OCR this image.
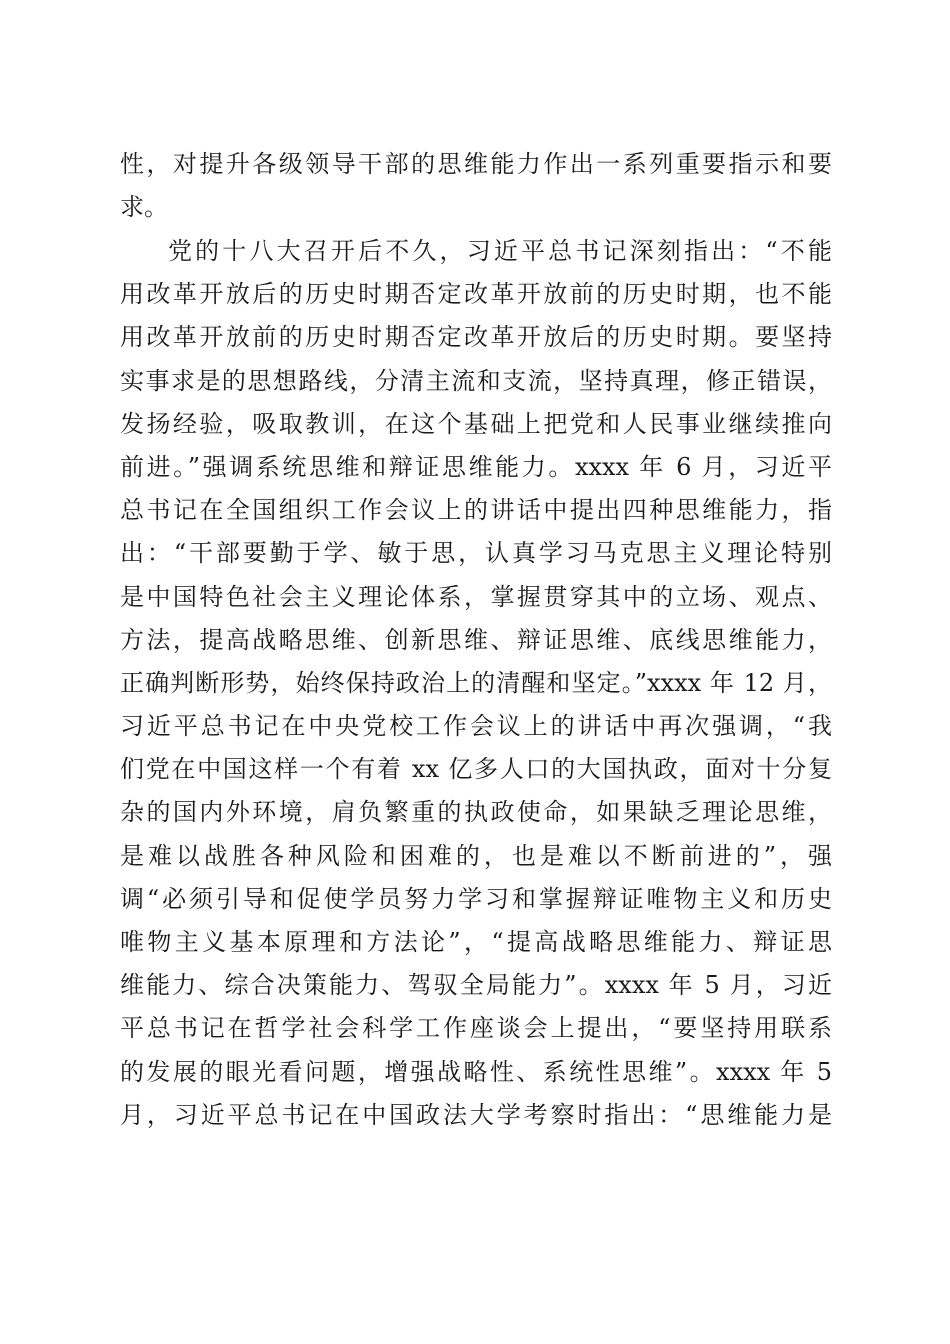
性，对提升各级领导干部的思维能力作出一系列重要指示和要
求。
党的十八大召开后不久，习近平总书记深刻指出：“不能
用改革开放后的历史时期否定改革开放前的历史时期，也不能
用改革开放前的历史时期否定改革开放后的历史时期。要坚持
实事求是的思想路线，分清主流和支流，坚持真理，修正错误，
发扬经验，吸取教训，在这个基础上把党和人民事业继续推向
前进。”强调系统思维和辩证思维能力。xxxx 年 6 月，习近平
总书记在全国组织工作会议上的讲话中提出四种思维能力，指
出：“干部要勤于学、敏于思，认真学习马克思主义理论特别
是中国特色社会主义理论体系，掌握贯穿其中的立场、观点、
方法，提高战略思维、创新思维、辩证思维、底线思维能力，
正确判断形势，始终保持政治上的清醒和坚定。”xxxx 年 12 月，
习近平总书记在中央党校工作会议上的讲话中再次强调，“我
们党在中国这样一个有着 xx 亿多人口的大国执政，面对十分复
杂的国内外环境，肩负繁重的执政使命，如果缺乏理论思维，
是难以战胜各种风险和困难的，也是难以不断前进的”，强
调“必须引导和促使学员努力学习和掌握辩证唯物主义和历史
唯物主义基本原理和方法论”，“提高战略思维能力、辩证思
维能力、综合决策能力、驾驭全局能力”。xxxx 年 5 月，习近
平总书记在哲学社会科学工作座谈会上提出，“要坚持用联系
的发展的眼光看问题，增强战略性、系统性思维”。xxxx 年 5
月，习近平总书记在中国政法大学考察时指出：“思维能力是
